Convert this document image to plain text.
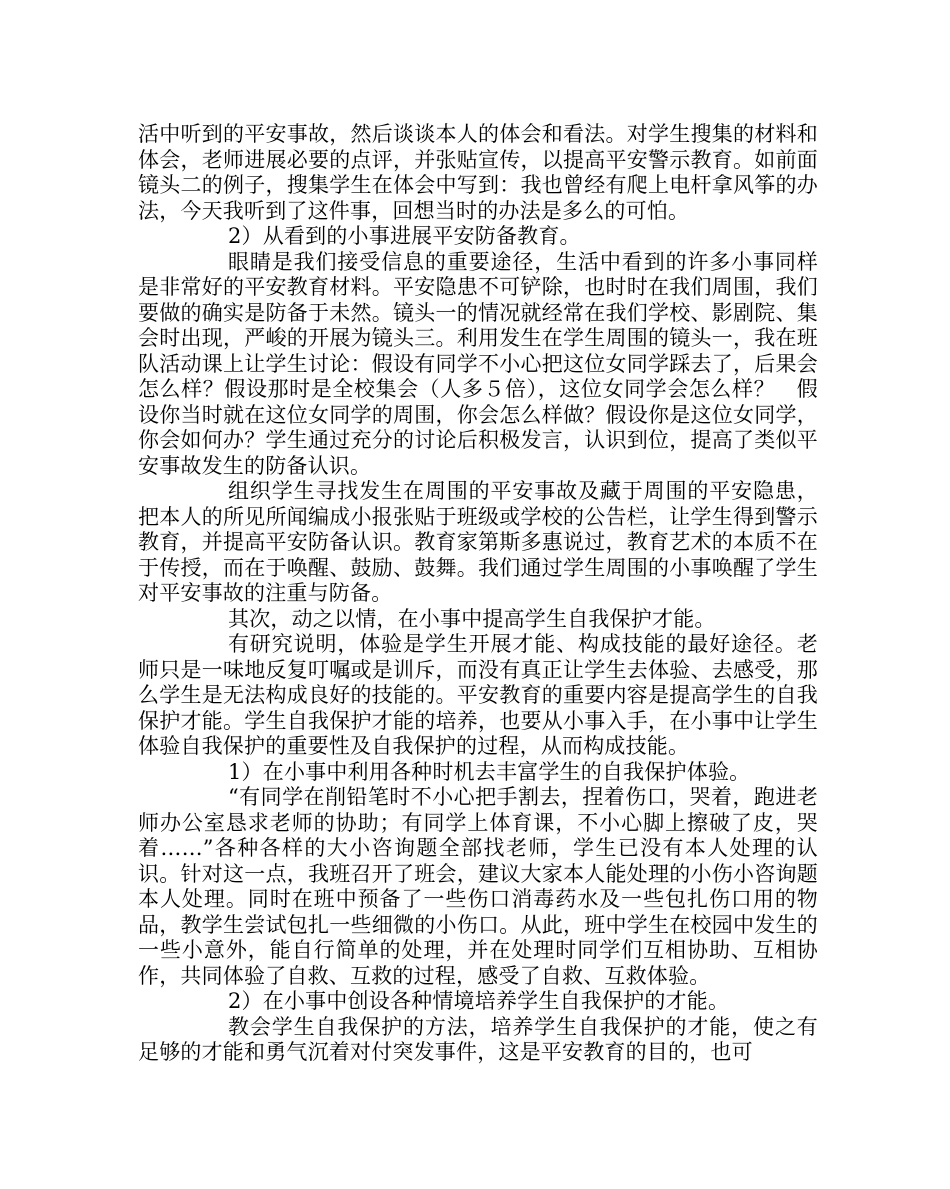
活中听到的平安事故，然后谈谈本人的体会和看法。对学生搜集的材料和体会，老师进展必要的点评，并张贴宣传，以提高平安警示教育。如前面镜头二的例子，搜集学生在体会中写到：我也曾经有爬上电杆拿风筝的办法，今天我听到了这件事，回想当时的办法是多么的可怕。

2）从看到的小事进展平安防备教育。

眼睛是我们接受信息的重要途径，生活中看到的许多小事同样是非常好的平安教育材料。平安隐患不可铲除，也时时在我们周围，我们要做的确实是防备于未然。镜头一的情况就经常在我们学校、影剧院、集会时出现，严峻的开展为镜头三。利用发生在学生周围的镜头一，我在班队活动课上让学生讨论：假设有同学不小心把这位女同学踩去了，后果会怎么样？假设那时是全校集会（人多５倍），这位女同学会怎么样？　假设你当时就在这位女同学的周围，你会怎么样做？假设你是这位女同学，你会如何办？学生通过充分的讨论后积极发言，认识到位，提高了类似平安事故发生的防备认识。

组织学生寻找发生在周围的平安事故及藏于周围的平安隐患，把本人的所见所闻编成小报张贴于班级或学校的公告栏，让学生得到警示教育，并提高平安防备认识。教育家第斯多惠说过，教育艺术的本质不在于传授，而在于唤醒、鼓励、鼓舞。我们通过学生周围的小事唤醒了学生对平安事故的注重与防备。

其次，动之以情，在小事中提高学生自我保护才能。

有研究说明，体验是学生开展才能、构成技能的最好途径。老师只是一味地反复叮嘱或是训斥，而没有真正让学生去体验、去感受，那么学生是无法构成良好的技能的。平安教育的重要内容是提高学生的自我保护才能。学生自我保护才能的培养，也要从小事入手，在小事中让学生体验自我保护的重要性及自我保护的过程，从而构成技能。

1）在小事中利用各种时机去丰富学生的自我保护体验。

“有同学在削铅笔时不小心把手割去，捏着伤口，哭着，跑进老师办公室恳求老师的协助；有同学上体育课，不小心脚上擦破了皮，哭着……”各种各样的大小咨询题全部找老师，学生已没有本人处理的认识。针对这一点，我班召开了班会，建议大家本人能处理的小伤小咨询题本人处理。同时在班中预备了一些伤口消毒药水及一些包扎伤口用的物品，教学生尝试包扎一些细微的小伤口。从此，班中学生在校园中发生的一些小意外，能自行简单的处理，并在处理时同学们互相协助、互相协作，共同体验了自救、互救的过程，感受了自救、互救体验。

2）在小事中创设各种情境培养学生自我保护的才能。

教会学生自我保护的方法，培养学生自我保护的才能，使之有足够的才能和勇气沉着对付突发事件，这是平安教育的目的，也可
